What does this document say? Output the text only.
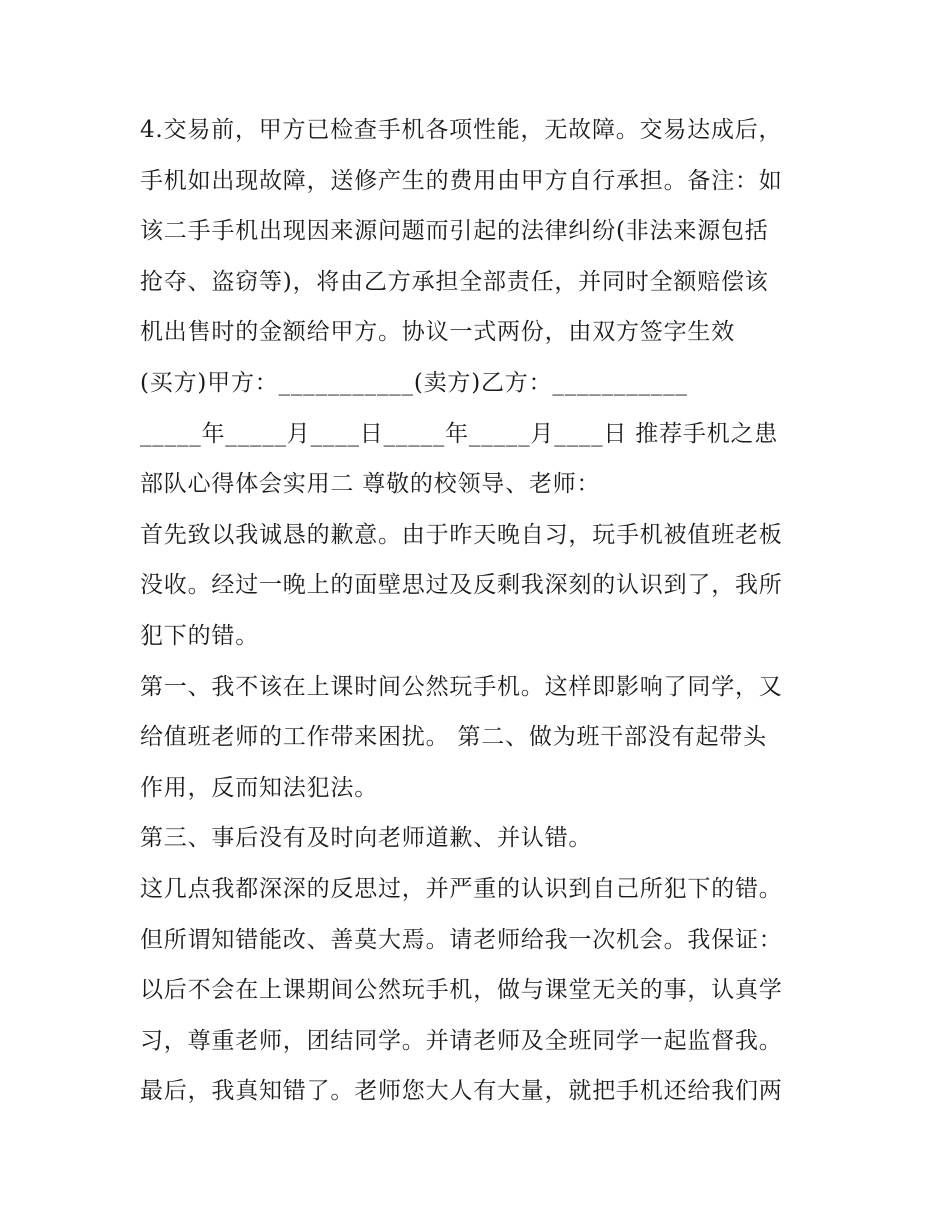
4.交易前，甲方已检查手机各项性能，无故障。交易达成后，
手机如出现故障，送修产生的费用由甲方自行承担。备注：如
该二手手机出现因来源问题而引起的法律纠纷(非法来源包括
抢夺、盗窃等)，将由乙方承担全部责任，并同时全额赔偿该
机出售时的金额给甲方。协议一式两份，由双方签字生效
(买方)甲方：___________(卖方)乙方：___________
_____年_____月____日_____年_____月____日 推荐手机之患
部队心得体会实用二 尊敬的校领导、老师：
首先致以我诚恳的歉意。由于昨天晚自习，玩手机被值班老板
没收。经过一晚上的面壁思过及反剩我深刻的认识到了，我所
犯下的错。
第一、我不该在上课时间公然玩手机。这样即影响了同学，又
给值班老师的工作带来困扰。 第二、做为班干部没有起带头
作用，反而知法犯法。
第三、事后没有及时向老师道歉、并认错。
这几点我都深深的反思过，并严重的认识到自己所犯下的错。
但所谓知错能改、善莫大焉。请老师给我一次机会。我保证：
以后不会在上课期间公然玩手机，做与课堂无关的事，认真学
习，尊重老师，团结同学。并请老师及全班同学一起监督我。
最后，我真知错了。老师您大人有大量，就把手机还给我们两
